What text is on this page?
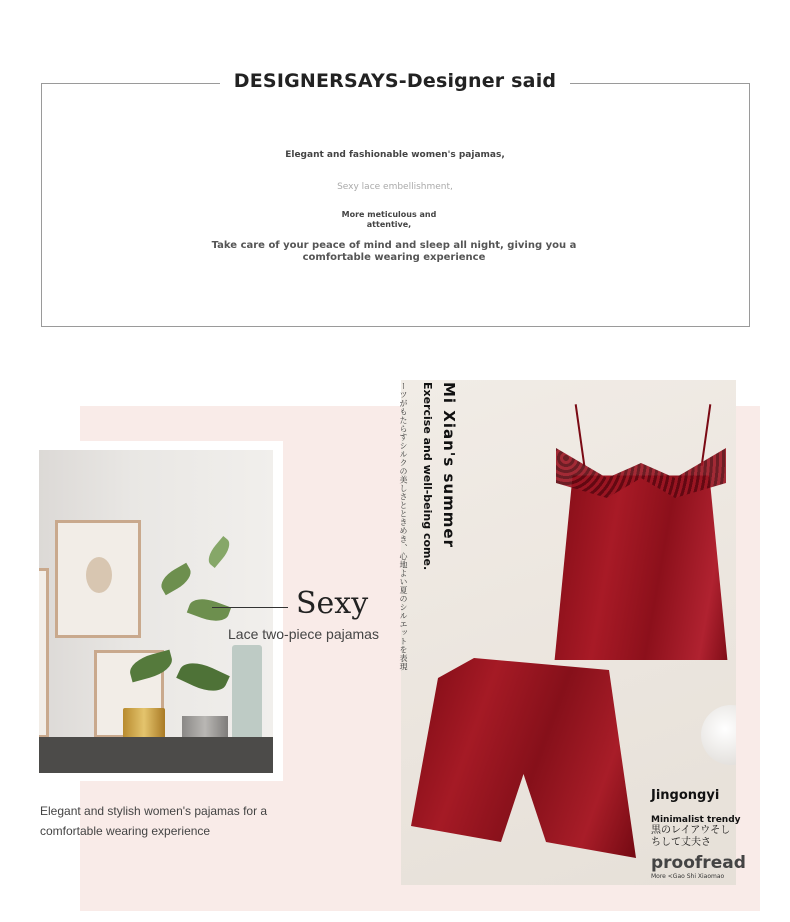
DESIGNERSAYS-Designer said
Elegant and fashionable women's pajamas,
Sexy lace embellishment,
More meticulous and attentive,
Take care of your peace of mind and sleep all night, giving you a comfortable wearing experience
Sexy
Lace two-piece pajamas
Elegant and stylish women's pajamas for a comfortable wearing experience
Mi Xian's summer
Exercise and well-being come.
ーツがもたらすシルクの美しさとときめき、心地よい夏のシルエットを表現
Jingongyi
Minimalist trendy
黒のレイアウそし
ちして丈夫さ
proofread
More <Gao Shi Xiaomao
